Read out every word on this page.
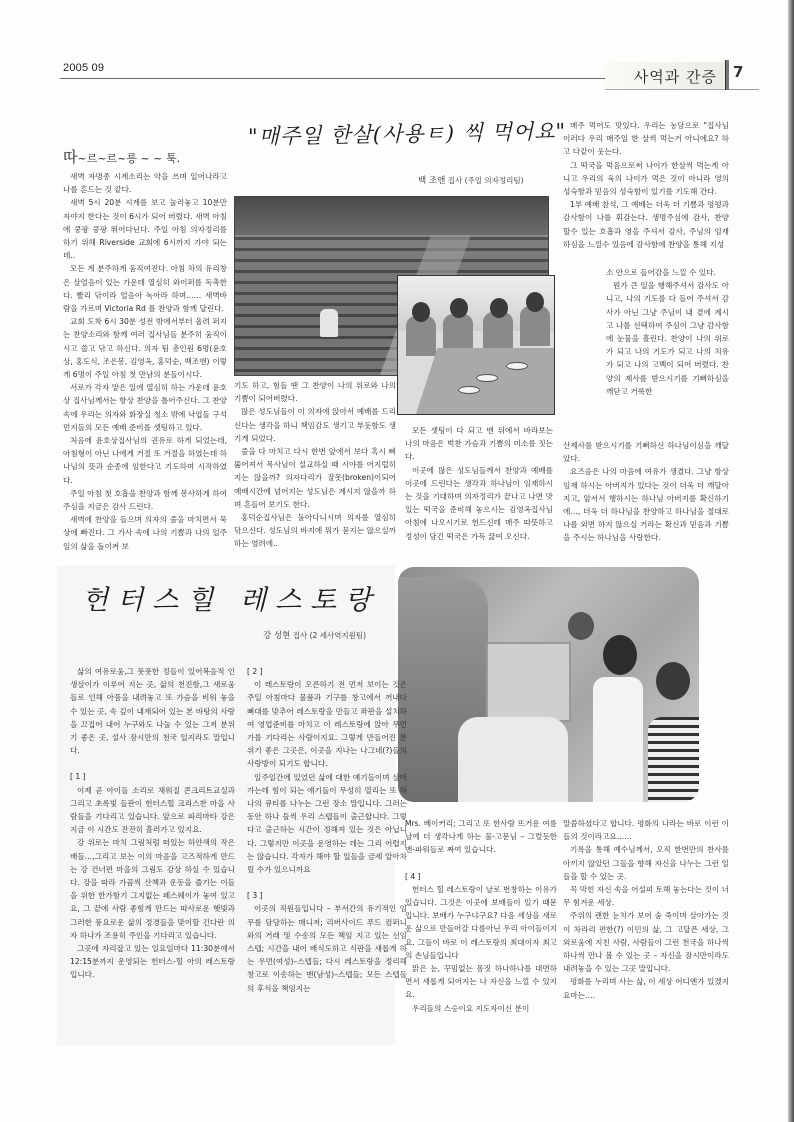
2005 09	사역과 간증 7
따~르~르~릉 ~ ~ 툭.
"매주일 한살(사용ㅌ) 씩 먹어요"
백 조앤 집사 (주일 의자정리팀)

새벽 자명종 시계소리는 악을 쓰며 일어나라고 나를 흔드는 것 같다.

새벽 5시 20분 시계를 보고 눌러놓고 10분만 자야지 한다는 것이 6시가 되어 버렸다. 새벽 아침에 쿵팡 쿵팡 뛰어다닌다. 주일 아침 의자정리를 하기 위해 Riverside 교회에 6시까지 가야 되는데..

모든 게 분주하게 움직여진다. 아침 차의 유리창은 살얼음이 있는 가운데 열심히 와이퍼를 독촉한다. 빨리 닦이라 얼음아 녹아라 하며…… 새벽바람을 가르며 Victoria Rd 를 찬양과 함께 달린다.

교회 도착 6시 30분 성전 밖에서부터 울려 퍼지는 찬양소리와 함께 여러 집사님들 분주히 움직이시고 쓸고 닦고 하신다. 의자 팀 총인원 6명(윤호상, 홍도식, 조은봉, 김영옥, 홍덕순, 백조앤) 이렇게 6명이 주일 아침 첫 만남의 분들이시다.

서로가 각자 맡은 일에 열심히 하는 가운데 윤호상 집사님께서는 항상 찬양을 틀어주신다. 그 찬양 속에 우리는 의자와 화장실 청소 밖에 낙엽들 구석 먼지들의 모든 예배 준비를 셋팅하고 있다.

처음에 윤호상집사님의 권유로 하게 되었는데, 아침형이 아닌 나에게 거절 또 거절을 하였는데 하나님의 뜻과 순종에 임한다고 기도하며 시작하였다.

주일 아침 첫 호흡을 찬양과 함께 봉사하게 하여 주심을 지금은 감사 드린다.

새벽에 찬양을 들으며 의자의 줄을 마치면서 묵상에 빠진다. 그 가사 속에 나의 기쁨과 나의 일주일의 삶을 돌이켜 보

기도 하고, 힘들 땐 그 찬양이 나의 위로와 나의 기쁨이 되어버렸다.

많은 성도님들이 이 의자에 앉아서 예배를 드리신다는 생각을 하니 책임감도 생기고 부듯함도 생기게 되었다.

줄을 다 마치고 다시 한번 앞에서 보다 혹시 삐 뚫어져서 목사님이 설교하실 때 시야를 어지럽히지는 않을까? 의자다리가 잘못(broken)이되어 예배시간에 넘어지는 성도님은 계시지 않을까 하며 흔들어 보기도 한다.

홍덕순집사님은 돌아다니시며 의자를 열심히 닦으신다. 성도님의 바지에 뭐가 묻지는 않으실까 하는 염려에..

모든 셋팅이 다 되고 맨 뒤에서 바라보는 나의 마음은 벅찬 가슴과 기쁨의 미소를 짓는다.

이곳에 많은 성도님들께서 찬양과 예배를 이곳에 드린다는 생각과 하나님이 임재하시는 것을 기대하며 의자정리가 끝나고 나면 맛있는 떡국을 준비해 놓으시는 김영옥집사님 아침에 나오시기로 헌드신데 매주 따뜻하고 정성이 담긴 떡국은 가득 끓여 오신다.

매주 먹어도 맛있다. 우리는 농담으로 "집사님 이러다 우리 매주일 한 살씩 먹는거 아니에요? 하고 다같이 웃는다.

그 떡국을 먹음으로써 나이가 한살씩 먹는게 아니고 우리의 육의 나이가 먹은 것이 아니라 영의 성숙함과 믿음의 성숙함이 있기를 기도해 간다.

1부 예배 참석, 그 예배는 더욱 더 기쁨과 평평과 감사함이 나를 휘감는다. 생명주심에 감사, 찬양 할수 있는 호흡과 영을 주셔서 감사, 주님의 임재 하심을 느낄수 있음에 감사함에 찬양을 통해 지성

소 안으로 들어감을 느낄 수 있다.

뭔가 큰 일을 행해주셔서 감사도 아니고, 나의 기도를 다 들어 주셔서 감사가 아닌 그냥 주님이 내 곁에 계시고 나를 선택하여 주심이 그냥 감사함에 눈물을 흘린다. 찬양이 나의 위로가 되고 나의 기도가 되고 나의 치유가 되고 나의 고백이 되어 버렸다. 찬양의 제사를 받으시기를 기뻐하심을 깨닫고 거룩한

산제사를 받으시기를 기뻐하신 하나님이심을 깨달았다.

요즈음은 나의 마음에 여유가 생겼다. 그냥 항상 임재 하시는 아버지가 있다는 것이 더욱 더 깨달아지고, 앞서서 행하시는 하나님 아버지를 확신하기에…, 더욱 더 하나님을 찬양하고 하나님을 절대로 나를 외면 하지 않으실 거라는 확신과 믿음과 기쁨을 주시는 하나님을 사랑한다.

헌터스힐 레스토랑
강 성현 집사 (2 세사역지원팀)

삶의 여유로움,그 풋풋한 정들이 있어복음적 인생살이가 이루어 지는 곳, 삶의 천진함,그 새로움들로 인해 아픔을 내려놓고 또 가슴을 비워 놓을 수 있는 곳, 속 깊이 내재되어 있는 본 바탕의 사랑을 끄집어 내어 누구와도 나눌 수 있는 그저 분위기 좋은 곳, 설사 잠시만의 천국 일지라도 말입니다.

[ 1 ]

이제 곧 아이들 소리로 채워질 콘크리트교실과 그리고 초록빛 들판이 헌터스힐 크리스찬 마을 사람들을 기다리고 있습니다. 앞으로 파리마타 강은 지금 이 시간도 잔잔히 흘러가고 있지요.

강 위로는 마치 그림처럼 떠있는 하얀색의 작은 배들…,그리고 보는 이의 마음을 고즈적하게 만드는 강 건너편 마을의 그림도 감상 하실 수 있습니다. 강을 따라 가끔씩 산책과 운동을 즐기는 이들을 위한 한가함기 그지없는 페스웨이가 놓여 있고요, 그 끝에 사람 좋힘게 만드는 따사로운 햇빛과 그러한 풍요로운 삶의 정경들을 맞이할 긴다란 의자 하나가 조용히 주인을 기다리고 있습니다.

그곳에 자리잡고 있는 일요일마다 11:30분에서 12:15분까지 운영되는 헌터스-힐 아의 레스토랑입니다.

[ 2 ]

이 레스토랑이 오픈하기 전 먼저 보이는 것은 주일 아침마다 물품과 기구를 창고에서 꺼내다 뼈대를 맞추어 레스토랑을 만들고 좌판을 설치하여 영업준비를 마치고 이 레스토랑에 앉아 무언가를 기다리는 사람이지요. 그렇게 만들어진 분위기 좋은 그곳은, 이곳을 지나는 나그네(?)들의 사랑방이 되기도 합니다.

일주일간에 있었던 삶에 대한 얘기들이며 살아가는데 힘이 되는 얘기들이 무성히 열리는 또 하나의 큐티를 나누는 그런 장소 말입니다. 그러는 동안 하나 둘씩 우리 스텝들이 출근합니다. 그렇다고 출근하는 시간이 정해져 있는 것은 아닙니다. 그렇지만 이곳을 운영하는 데는 그리 어렵지는 않습니다. 각자가 해야 할 일들을 금세 알아차릴 수가 있으니까요

[ 3 ]

이곳의 직원들입니다 – 부서간의 유기적인 임무를 담당하는 매니저; 리버사이드 푸드 컴퍼니와의 거래 및 수송의 모든 책임 지고 있는 선임 스텝; 시간을 내어 배식도하고 식판을 새롭게 하는 우먼(여성)–스텝들; 다시 레스토랑을 정리해 창고로 이송하는 맨(남성)–스텝들; 모든 스텝들의 후식을 책임지는

Mrs. 베이커리; 그리고 또 한사람 뜨거운 여름날에 더 생각나게 하는 물-고문님 – 그럴듯한 맨-파워들로 짜여 있습니다.

[ 4 ]

헌터스 힐 레스토랑이 날로 번창하는 이유가 있습니다. 그것은 이곳에 보배들이 있기 때문입니다. 보배가 누구냐구요? 다음 세상을 새로운 삶으로 만들어갈 다름아닌 우리 아이들이지요. 그들이 바로 이 레스토랑의 최대이자 최고의 손님들입니다

맑은 눈, 꾸밈없는 몸짓 하나하나를 대면하면서 새롭게 되어지는 나 자신을 느낄 수 있지요.

우리들의 스승이요 지도자이신 분이

말씀하셨다고 합니다. 평화의 나라는 바로 이런 이들의 것이라고요……

기록을 통해 예수님께서, 오직 한번만의 찬사를 아끼지 않았던 그들을 향해 자신을 나누는 그런 일들을 할 수 있는 곳.

꼭 막힌 자신 속을 어설피 토해 놓는다는 것이 너무 힘겨운 세상.

주위의 괜한 눈치가 보여 숨 죽이며 살아가는 것이 차라리 편한(?) 이민의 삶, 그 고달픈 세상, 그 외로움에 지친 사람, 사람들이 그런 천국을 하나씩 하나씩 만나 볼 수 있는 곳 – 자신을 잠시만이라도 내려놓을 수 있는 그곳 말입니다.

평화를 누리며 사는 삶, 이 세상 어디엔가 있겠지요마는….
